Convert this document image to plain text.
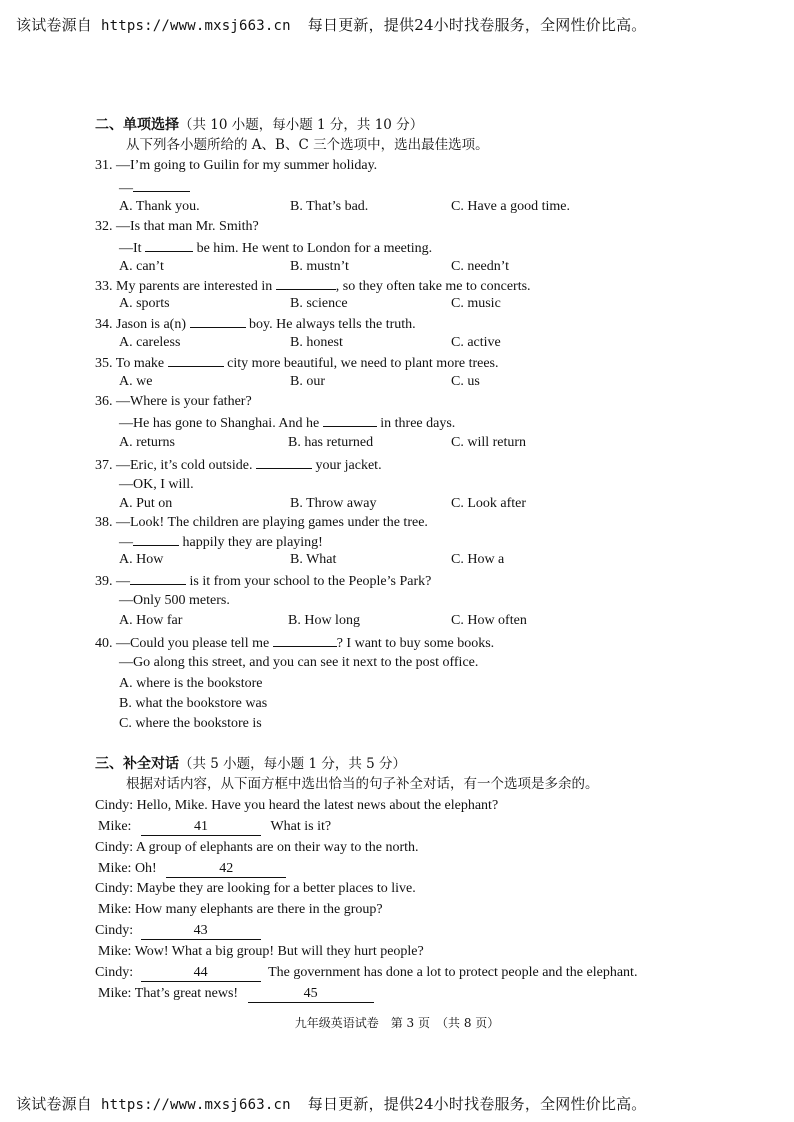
该试卷源自 https://www.mxsj663.cn 每日更新，提供24小时找卷服务，全网性价比高。
二、单项选择（共 10 小题，每小题 1 分，共 10 分）
从下列各小题所给的 A、B、C 三个选项中，选出最佳选项。
31. —I’m going to Guilin for my summer holiday.
—
A. Thank you.	B. That’s bad.	C. Have a good time.
32. —Is that man Mr. Smith?
—It	be him. He went to London for a meeting.
A. can’t	B. mustn’t	C. needn’t
33. My parents are interested in	, so they often take me to concerts.
A. sports	B. science	C. music
34. Jason is a(n)	boy. He always tells the truth.
A. careless	B. honest	C. active
35. To make	city more beautiful, we need to plant more trees.
A. we	B. our	C. us
36. —Where is your father?
—He has gone to Shanghai. And he	in three days.
A. returns	B. has returned	C. will return
37. —Eric, it’s cold outside.	your jacket.
—OK, I will.
A. Put on	B. Throw away	C. Look after
38. —Look! The children are playing games under the tree.
—	happily they are playing!
A. How	B. What	C. How a
39. —	is it from your school to the People’s Park?
—Only 500 meters.
A. How far	B. How long	C. How often
40. —Could you please tell me	? I want to buy some books.
—Go along this street, and you can see it next to the post office.
A. where is the bookstore
B. what the bookstore was
C. where the bookstore is
三、补全对话（共 5 小题，每小题 1 分，共 5 分）
根据对话内容，从下面方框中选出恰当的句子补全对话，有一个选项是多余的。
Cindy: Hello, Mike. Have you heard the latest news about the elephant?
Mike:	41	What is it?
Cindy: A group of elephants are on their way to the north.
Mike: Oh!	42
Cindy: Maybe they are looking for a better places to live.
Mike: How many elephants are there in the group?
Cindy:	43
Mike: Wow! What a big group! But will they hurt people?
Cindy:	44	The government has done a lot to protect people and the elephant.
Mike: That’s great news!	45
九年级英语试卷　第 3 页　（共 8 页）
该试卷源自 https://www.mxsj663.cn 每日更新，提供24小时找卷服务，全网性价比高。
